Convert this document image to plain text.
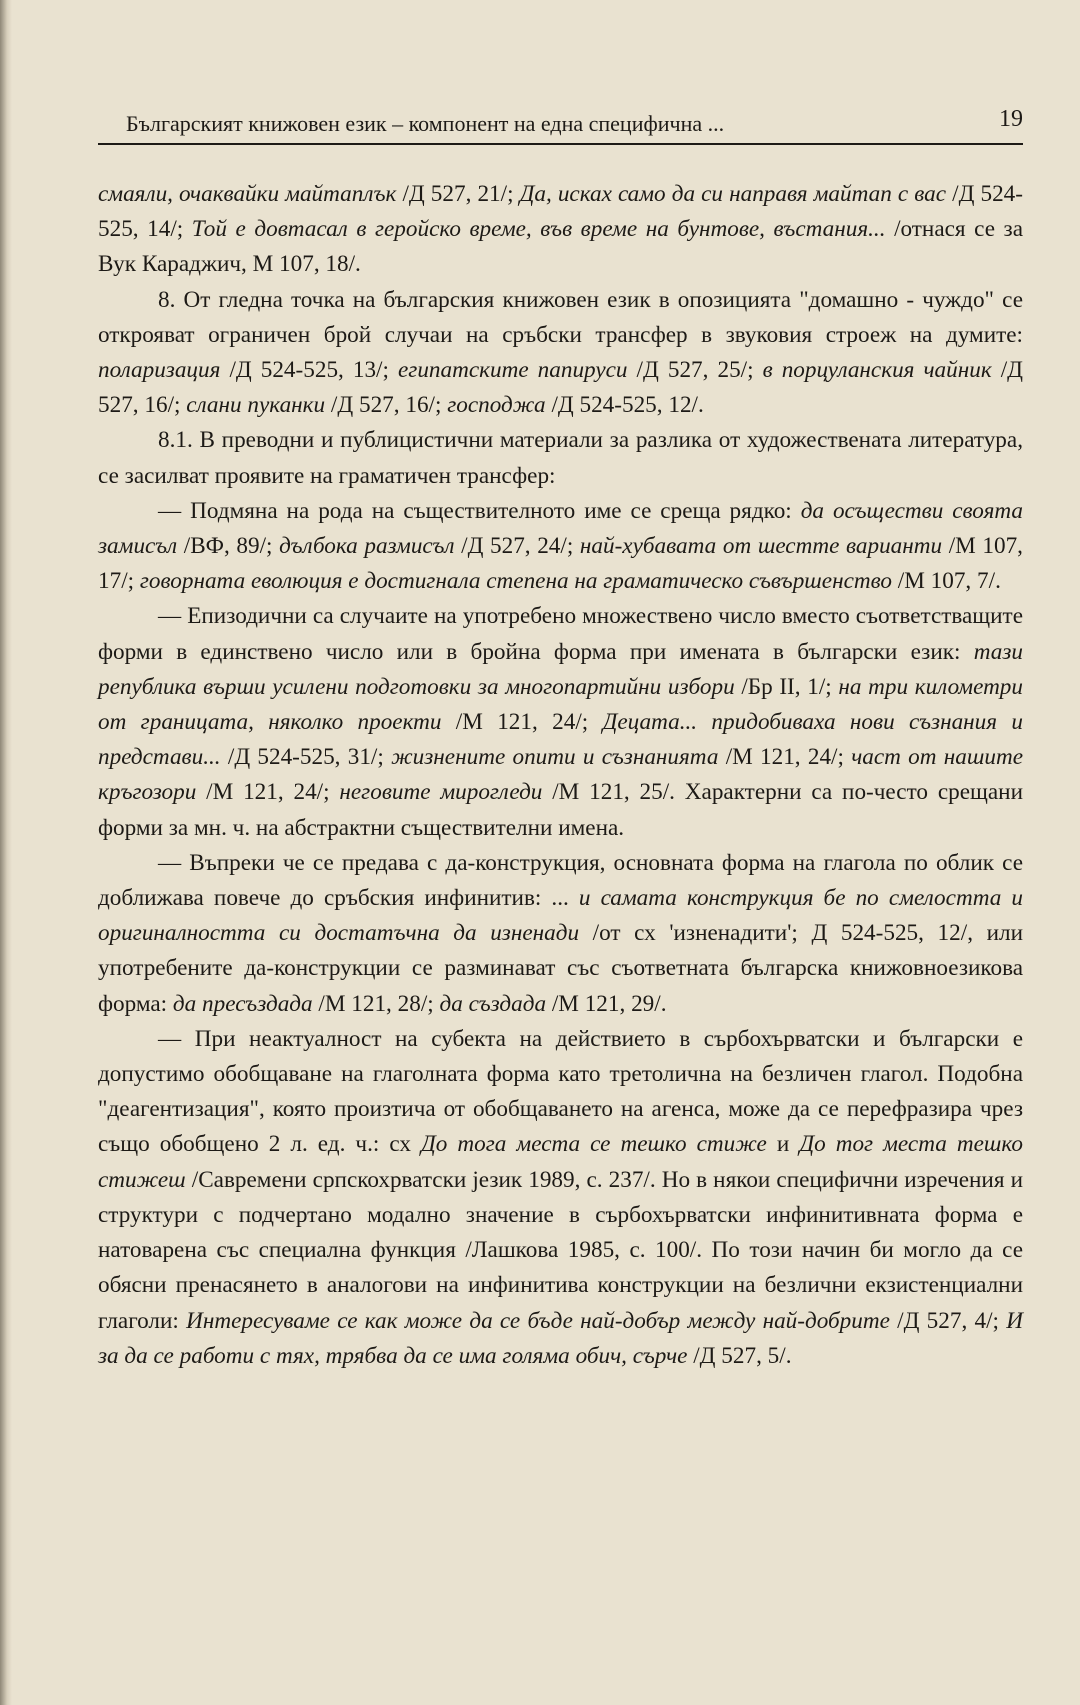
Българският книжовен език – компонент на една специфична ...	19

смаяли, очаквайки майтаплък /Д 527, 21/; Да, исках само да си направя майтап с вас /Д 524-525, 14/; Той е довтасал в геройско време, във време на бунтове, въстания... /отнася се за Вук Караджич, М 107, 18/.

8. От гледна точка на българския книжовен език в опозицията "домашно - чуждо" се открояват ограничен брой случаи на сръбски трансфер в звуковия строеж на думите: поларизация /Д 524-525, 13/; египатските папируси /Д 527, 25/; в порцуланския чайник /Д 527, 16/; слани пуканки /Д 527, 16/; господжа /Д 524-525, 12/.

8.1. В преводни и публицистични материали за разлика от художествената литература, се засилват проявите на граматичен трансфер:

— Подмяна на рода на съществителното име се среща рядко: да осъществи своята замисъл /ВФ, 89/; дълбока размисъл /Д 527, 24/; най-хубавата от шестте варианти /М 107, 17/; говорната еволюция е достигнала степена на граматическо съвършенство /М 107, 7/.

— Епизодични са случаите на употребено множествено число вместо съответстващите форми в единствено число или в бройна форма при имената в български език: тази република върши усилени подготовки за многопартийни избори /Бр II, 1/; на три километри от границата, няколко проекти /М 121, 24/; Децата... придобиваха нови съзнания и представи... /Д 524-525, 31/; жизнените опити и съзнанията /М 121, 24/; част от нашите кръгозори /М 121, 24/; неговите мирогледи /М 121, 25/. Характерни са по-често срещани форми за мн. ч. на абстрактни съществителни имена.

— Въпреки че се предава с да-конструкция, основната форма на глагола по облик се доближава повече до сръбския инфинитив: ... и самата конструкция бе по смелостта и оригиналността си достатъчна да изненади /от сх 'изненадити'; Д 524-525, 12/, или употребените да-конструкции се разминават със съответната българска книжовноезикова форма: да пресъздада /М 121, 28/; да създада /М 121, 29/.

— При неактуалност на субекта на действието в сърбохърватски и български е допустимо обобщаване на глаголната форма като третолична на безличен глагол. Подобна "деагентизация", която произтича от обобщаването на агенса, може да се перефразира чрез също обобщено 2 л. ед. ч.: сх До тога места се тешко стиже и До тог места тешко стижеш /Савремени српскохрватски језик 1989, с. 237/. Но в някои специфични изречения и структури с подчертано модално значение в сърбохърватски инфинитивната форма е натоварена със специална функция /Лашкова 1985, с. 100/. По този начин би могло да се обясни пренасянето в аналогови на инфинитива конструкции на безлични екзистенциални глаголи: Интересуваме се как може да се бъде най-добър между най-добрите /Д 527, 4/; И за да се работи с тях, трябва да се има голяма обич, сърче /Д 527, 5/.
